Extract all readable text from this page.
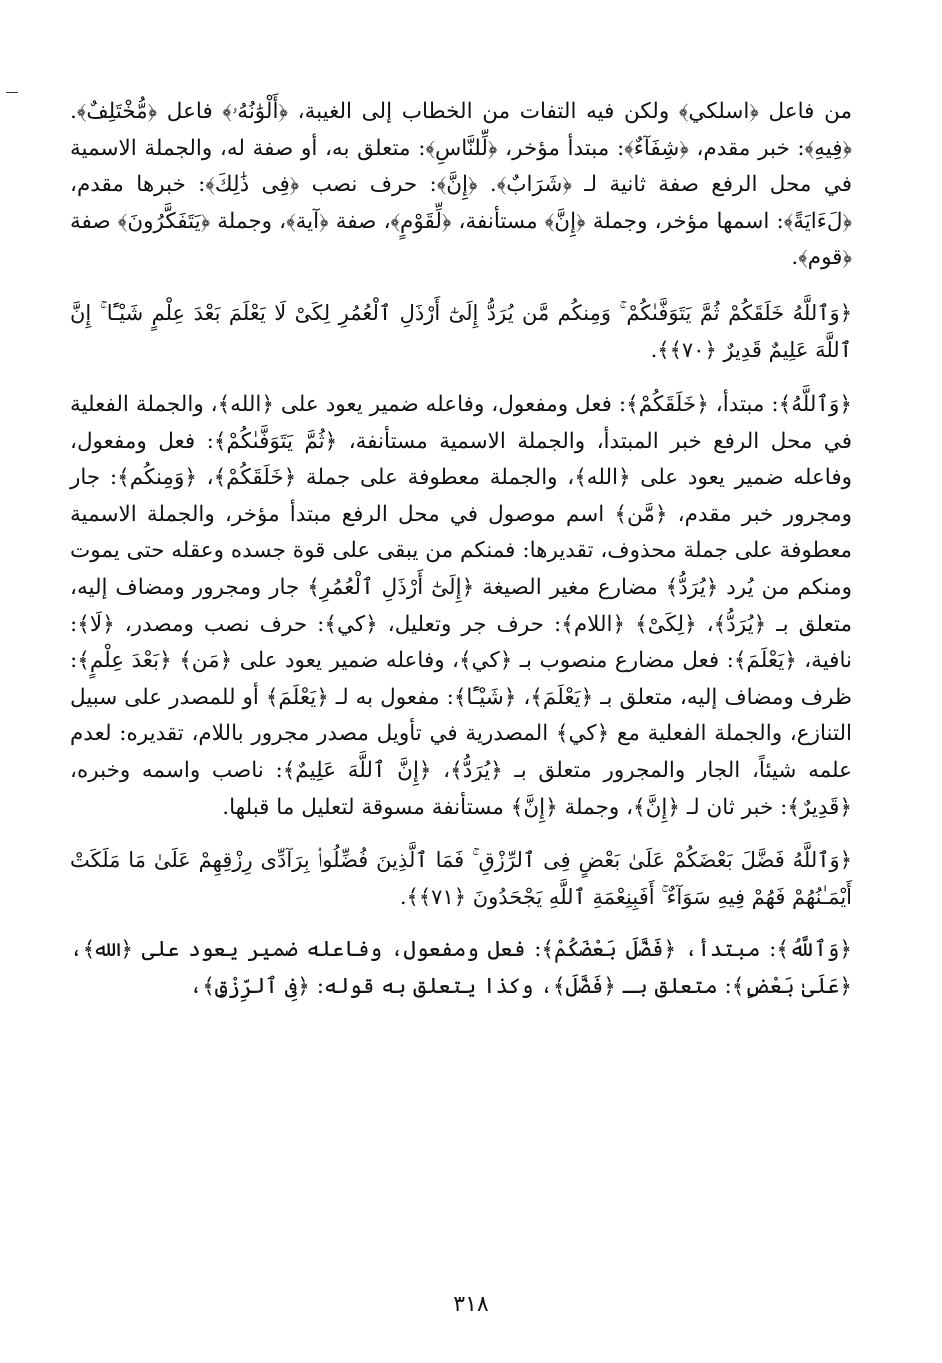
من فاعل ﴿اسلكي﴾ ولكن فيه التفات من الخطاب إلى الغيبة، ﴿أَلْوَٰنُهُۥ﴾ فاعل ﴿مُّخْتَلِفٌ﴾. ﴿فِيهِ﴾: خبر مقدم، ﴿شِفَآءٌ﴾: مبتدأ مؤخر، ﴿لِّلنَّاسِ﴾: متعلق به، أو صفة له، والجملة الاسمية في محل الرفع صفة ثانية لـ ﴿شَرَابٌ﴾. ﴿إِنَّ﴾: حرف نصب ﴿فِى ذَٰلِكَ﴾: خبرها مقدم، ﴿لَءَايَةً﴾: اسمها مؤخر، وجملة ﴿إِنَّ﴾ مستأنفة، ﴿لِّقَوْمٍ﴾، صفة ﴿آية﴾، وجملة ﴿يَتَفَكَّرُونَ﴾ صفة ﴿قوم﴾.

﴿وَٱللَّهُ خَلَقَكُمْ ثُمَّ يَتَوَفَّىٰكُمْ ۚ وَمِنكُم مَّن يُرَدُّ إِلَىٰٓ أَرْذَلِ ٱلْعُمُرِ لِكَىْ لَا يَعْلَمَ بَعْدَ عِلْمٍ شَيْـًٔا ۚ إِنَّ ٱللَّهَ عَلِيمٌ قَدِيرٌ ﴿٧٠﴾﴾.

﴿وَٱللَّهُ﴾: مبتدأ، ﴿خَلَقَكُمْ﴾: فعل ومفعول، وفاعله ضمير يعود على ﴿الله﴾، والجملة الفعلية في محل الرفع خبر المبتدأ، والجملة الاسمية مستأنفة، ﴿ثُمَّ يَتَوَفَّىٰكُمْ﴾: فعل ومفعول، وفاعله ضمير يعود على ﴿الله﴾، والجملة معطوفة على جملة ﴿خَلَقَكُمْ﴾، ﴿وَمِنكُم﴾: جار ومجرور خبر مقدم، ﴿مَّن﴾ اسم موصول في محل الرفع مبتدأ مؤخر، والجملة الاسمية معطوفة على جملة محذوف، تقديرها: فمنكم من يبقى على قوة جسده وعقله حتى يموت ومنكم من يُرد ﴿يُرَدُّ﴾ مضارع مغير الصيغة ﴿إِلَىٰٓ أَرْذَلِ ٱلْعُمُرِ﴾ جار ومجرور ومضاف إليه، متعلق بـ ﴿يُرَدُّ﴾، ﴿لِكَىْ﴾ ﴿اللام﴾: حرف جر وتعليل، ﴿كي﴾: حرف نصب ومصدر، ﴿لَا﴾: نافية، ﴿يَعْلَمَ﴾: فعل مضارع منصوب بـ ﴿كي﴾، وفاعله ضمير يعود على ﴿مَن﴾ ﴿بَعْدَ عِلْمٍ﴾: ظرف ومضاف إليه، متعلق بـ ﴿يَعْلَمَ﴾، ﴿شَيْـًٔا﴾: مفعول به لـ ﴿يَعْلَمَ﴾ أو للمصدر على سبيل التنازع، والجملة الفعلية مع ﴿كي﴾ المصدرية في تأويل مصدر مجرور باللام، تقديره: لعدم علمه شيئاً، الجار والمجرور متعلق بـ ﴿يُرَدُّ﴾، ﴿إِنَّ ٱللَّهَ عَلِيمٌ﴾: ناصب واسمه وخبره، ﴿قَدِيرٌ﴾: خبر ثان لـ ﴿إِنَّ﴾، وجملة ﴿إِنَّ﴾ مستأنفة مسوقة لتعليل ما قبلها.

﴿وَٱللَّهُ فَضَّلَ بَعْضَكُمْ عَلَىٰ بَعْضٍ فِى ٱلرِّزْقِ ۚ فَمَا ٱلَّذِينَ فُضِّلُوا۟ بِرَآدِّى رِزْقِهِمْ عَلَىٰ مَا مَلَكَتْ أَيْمَـٰنُهُمْ فَهُمْ فِيهِ سَوَآءٌ ۚ أَفَبِنِعْمَةِ ٱللَّهِ يَجْحَدُونَ ﴿٧١﴾﴾.

﴿وَٱللَّهُ﴾: مبتدأ، ﴿فَضَّلَ بَعْضَكُمْ﴾: فعل ومفعول، وفاعله ضمير يعود على ﴿الله﴾، ﴿عَلَىٰ بَعْضٍ﴾: متعلق بـ ﴿فَضَّلَ﴾، وكذا يتعلق به قوله: ﴿فِى ٱلرِّزْقِ﴾،

٣١٨
